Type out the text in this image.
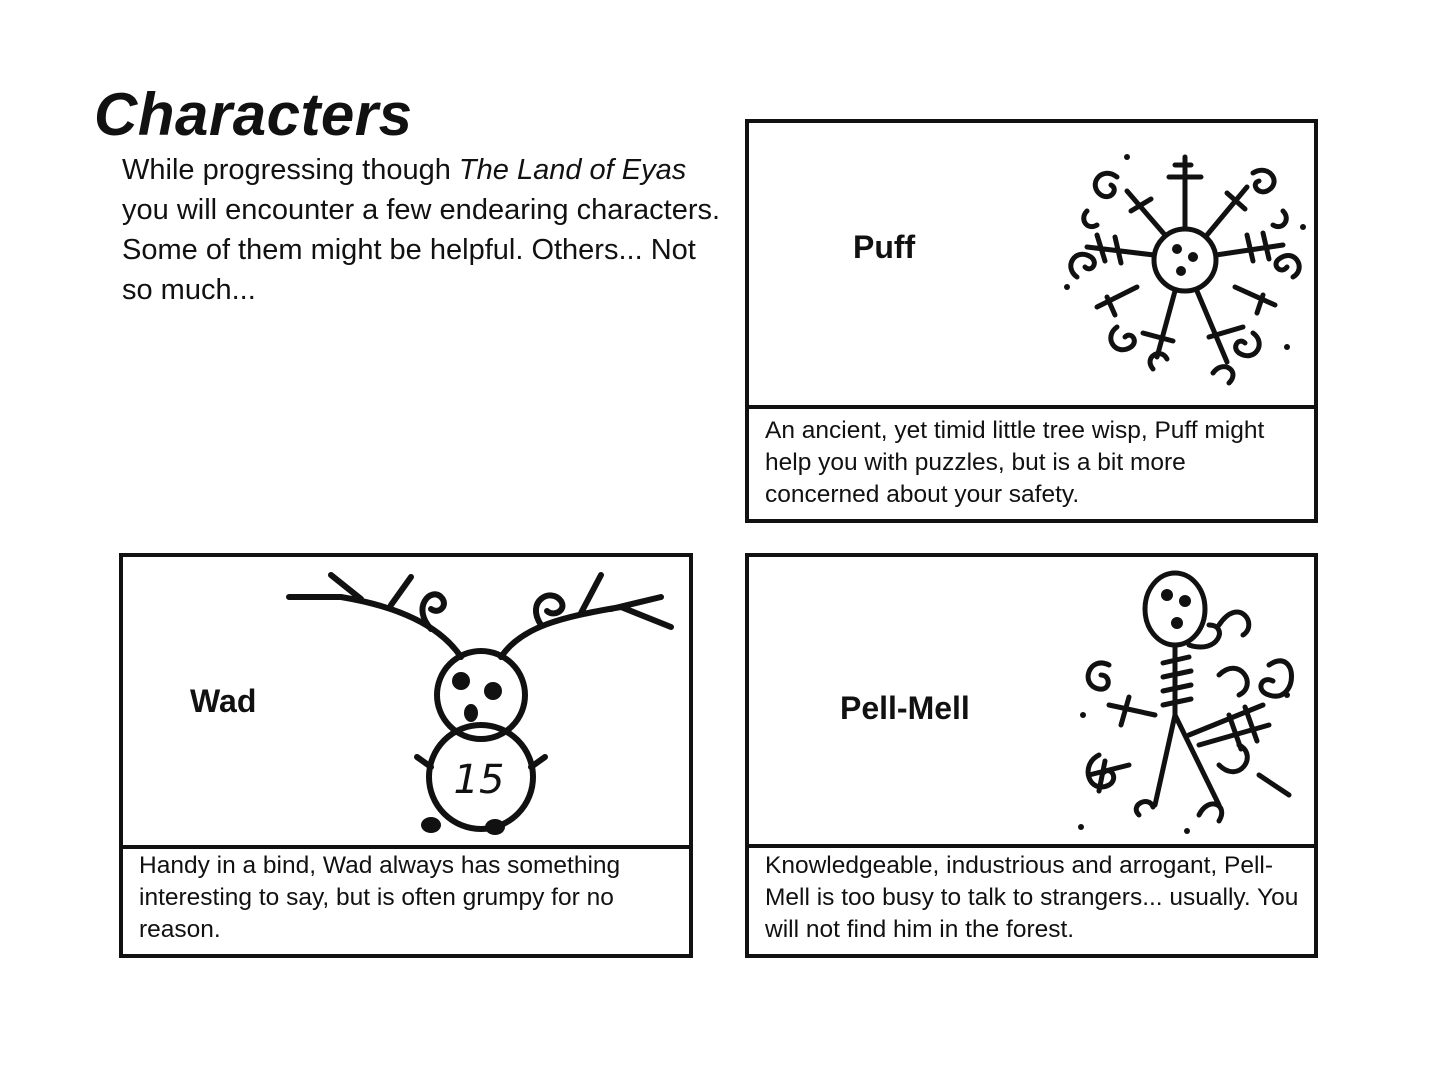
Characters

While progressing though The Land of Eyas you will encounter a few endearing characters. Some of them might be helpful. Others... Not so much...

Puff

An ancient, yet timid little tree wisp, Puff might help you with puzzles, but is a bit more concerned about your safety.

Wad
15

Handy in a bind, Wad always has something interesting to say, but is often grumpy for no reason.

Pell-Mell

Knowledgeable, industrious and arrogant, Pell-Mell is too busy to talk to strangers... usually. You will not find him in the forest.
